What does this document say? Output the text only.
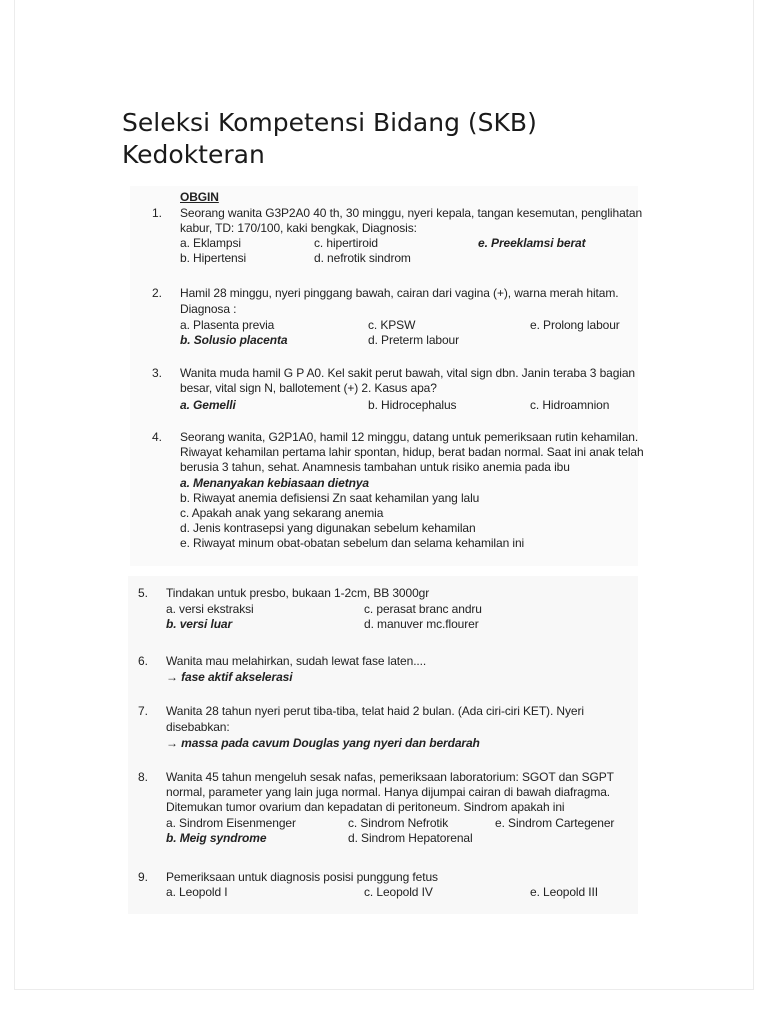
Seleksi Kompetensi Bidang (SKB) Kedokteran
OBGIN
1.	Seorang wanita G3P2A0 40 th, 30 minggu, nyeri kepala, tangan kesemutan, penglihatan
kabur, TD: 170/100, kaki bengkak, Diagnosis:
a. Eklampsi	c. hipertiroid	e. Preeklamsi berat
b. Hipertensi	d. nefrotik sindrom
2.	Hamil 28 minggu, nyeri pinggang bawah, cairan dari vagina (+), warna merah hitam.
Diagnosa :
a. Plasenta previa	c. KPSW	e. Prolong labour
b. Solusio placenta	d. Preterm labour
3.	Wanita muda hamil G P A0. Kel sakit perut bawah, vital sign dbn. Janin teraba 3 bagian
besar, vital sign N, ballotement (+) 2. Kasus apa?
a. Gemelli	b. Hidrocephalus	c. Hidroamnion
4.	Seorang wanita, G2P1A0, hamil 12 minggu, datang untuk pemeriksaan rutin kehamilan.
Riwayat kehamilan pertama lahir spontan, hidup, berat badan normal. Saat ini anak telah
berusia 3 tahun, sehat. Anamnesis tambahan untuk risiko anemia pada ibu
a. Menanyakan kebiasaan dietnya
b. Riwayat anemia defisiensi Zn saat kehamilan yang lalu
c. Apakah anak yang sekarang anemia
d. Jenis kontrasepsi yang digunakan sebelum kehamilan
e. Riwayat minum obat-obatan sebelum dan selama kehamilan ini
5.	Tindakan untuk presbo, bukaan 1-2cm, BB 3000gr
a. versi ekstraksi	c. perasat branc andru
b. versi luar	d. manuver mc.flourer
6.	Wanita mau melahirkan, sudah lewat fase laten....
→ fase aktif akselerasi
7.	Wanita 28 tahun nyeri perut tiba-tiba, telat haid 2 bulan. (Ada ciri-ciri KET). Nyeri
disebabkan:
→ massa pada cavum Douglas yang nyeri dan berdarah
8.	Wanita 45 tahun mengeluh sesak nafas, pemeriksaan laboratorium: SGOT dan SGPT
normal, parameter yang lain juga normal. Hanya dijumpai cairan di bawah diafragma.
Ditemukan tumor ovarium dan kepadatan di peritoneum. Sindrom apakah ini
a. Sindrom Eisenmenger	c. Sindrom Nefrotik	e. Sindrom Cartegener
b. Meig syndrome	d. Sindrom Hepatorenal
9.	Pemeriksaan untuk diagnosis posisi punggung fetus
a. Leopold I	c. Leopold IV	e. Leopold III
